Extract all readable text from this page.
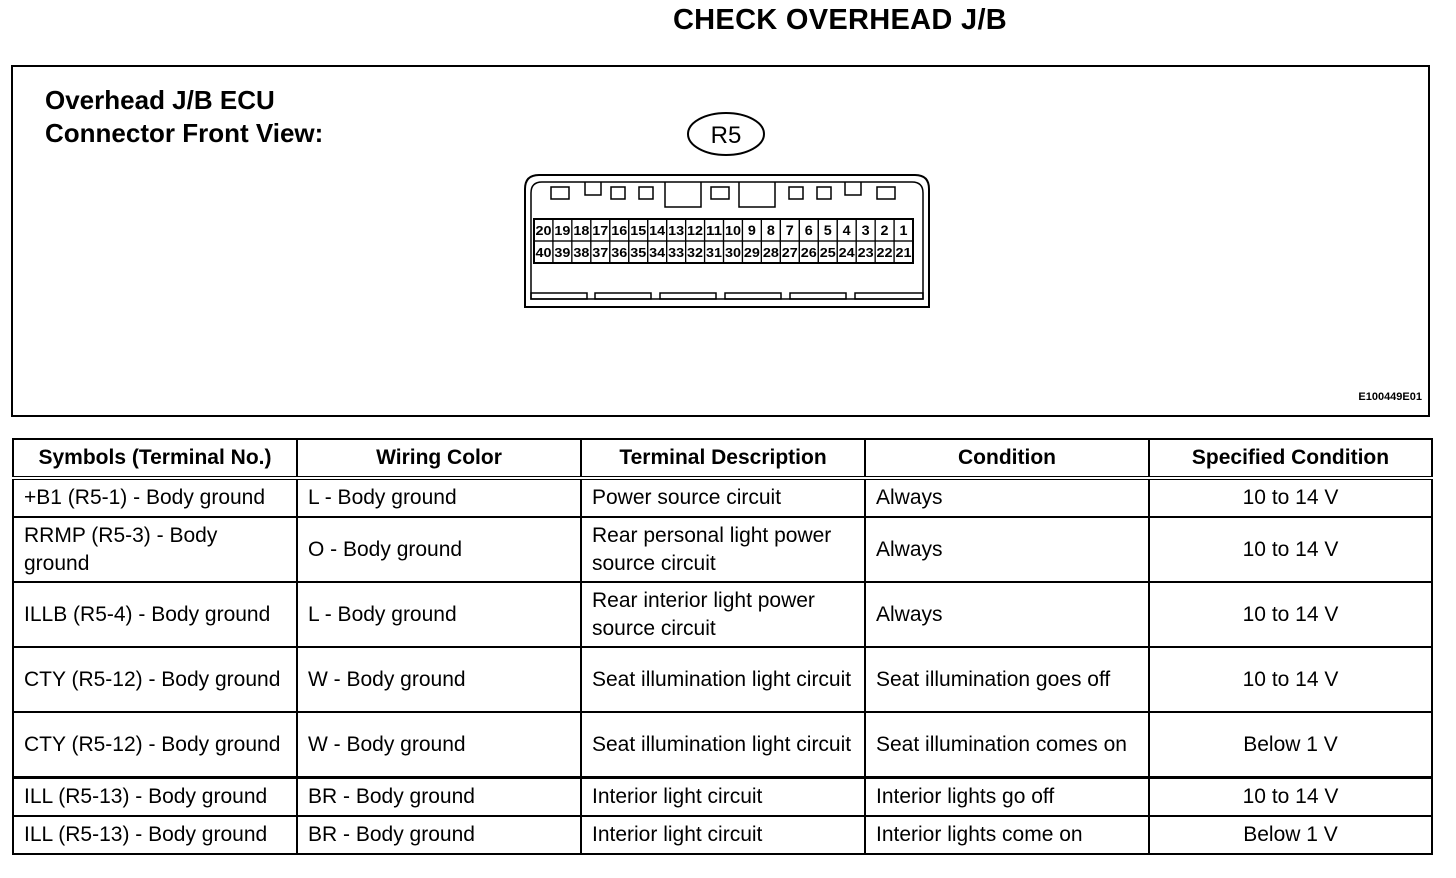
CHECK OVERHEAD J/B
Overhead J/B ECU
Connector Front View:	R5
20 19 18 17 16 15 14 13 12 11 10 9 8 7 6 5 4 3 2 1
40 39 38 37 36 35 34 33 32 31 30 29 28 27 26 25 24 23 22 21
E100449E01
Symbols (Terminal No.)	Wiring Color	Terminal Description	Condition	Specified Condition
+B1 (R5-1) - Body ground	L - Body ground	Power source circuit	Always	10 to 14 V
RRMP (R5-3) - Body ground	O - Body ground	Rear personal light power source circuit	Always	10 to 14 V
ILLB (R5-4) - Body ground	L - Body ground	Rear interior light power source circuit	Always	10 to 14 V
CTY (R5-12) - Body ground	W - Body ground	Seat illumination light circuit	Seat illumination goes off	10 to 14 V
CTY (R5-12) - Body ground	W - Body ground	Seat illumination light circuit	Seat illumination comes on	Below 1 V
ILL (R5-13) - Body ground	BR - Body ground	Interior light circuit	Interior lights go off	10 to 14 V
ILL (R5-13) - Body ground	BR - Body ground	Interior light circuit	Interior lights come on	Below 1 V
